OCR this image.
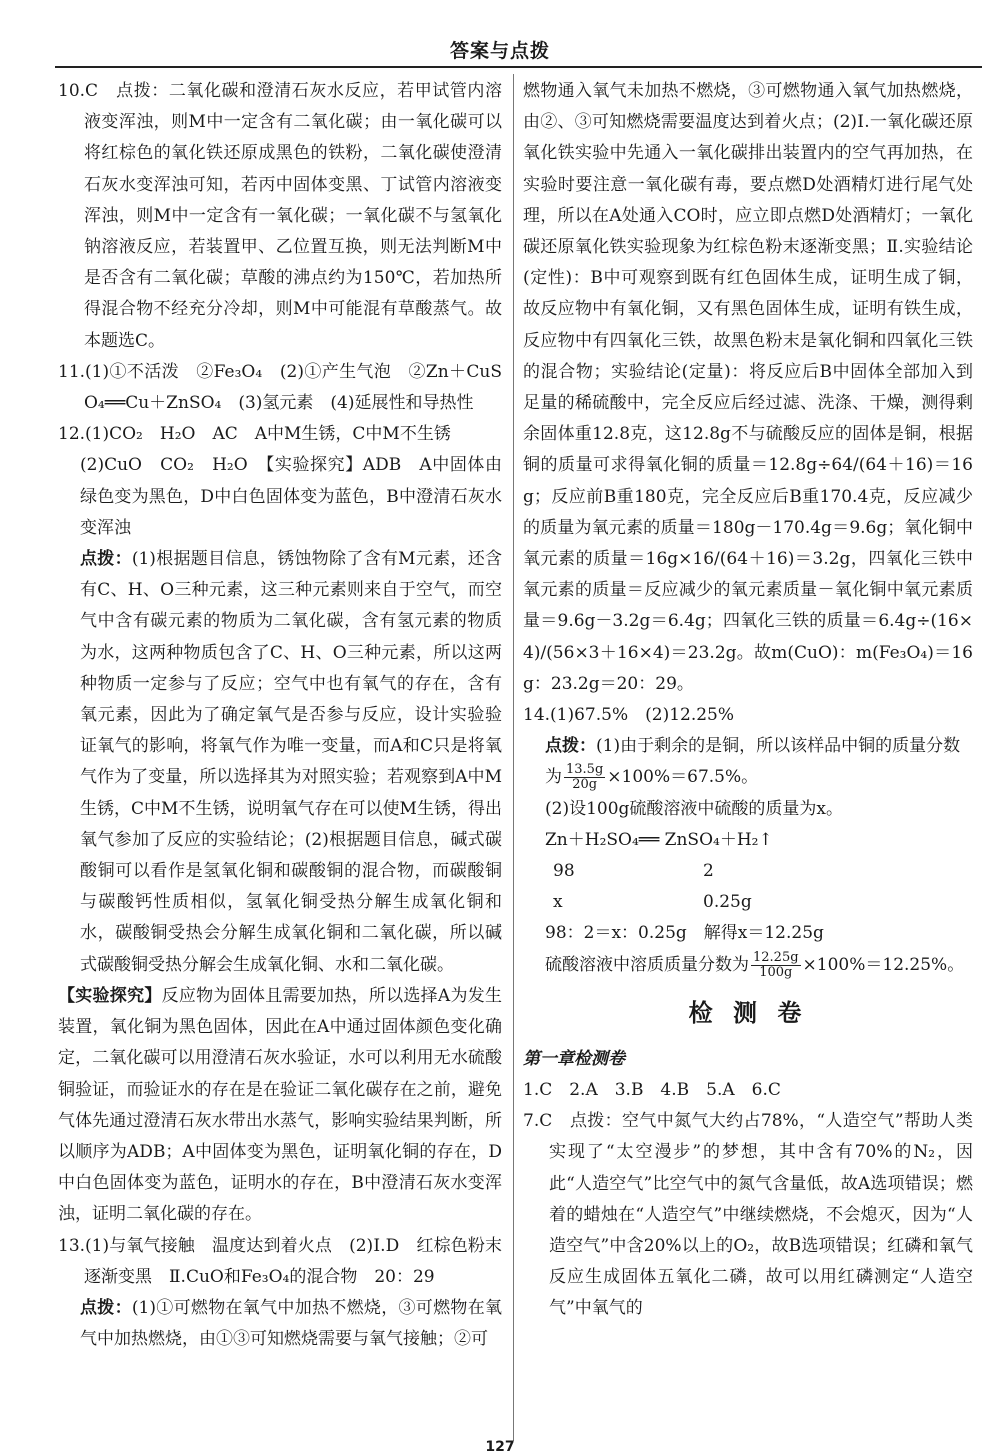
答案与点拨

10.C　点拨：二氧化碳和澄清石灰水反应，若甲试管内溶液变浑浊，则M中一定含有二氧化碳；由一氧化碳可以将红棕色的氧化铁还原成黑色的铁粉，二氧化碳使澄清石灰水变浑浊可知，若丙中固体变黑、丁试管内溶液变浑浊，则M中一定含有一氧化碳；一氧化碳不与氢氧化钠溶液反应，若装置甲、乙位置互换，则无法判断M中是否含有二氧化碳；草酸的沸点约为150℃，若加热所得混合物不经充分冷却，则M中可能混有草酸蒸气。故本题选C。

11.(1)①不活泼　②Fe₃O₄　(2)①产生气泡　②Zn＋CuSO₄══Cu＋ZnSO₄　(3)氢元素　(4)延展性和导热性

12.(1)CO₂　H₂O　AC　A中M生锈，C中M不生锈

(2)CuO　CO₂　H₂O　【实验探究】ADB　A中固体由绿色变为黑色，D中白色固体变为蓝色，B中澄清石灰水变浑浊

点拨：(1)根据题目信息，锈蚀物除了含有M元素，还含有C、H、O三种元素，这三种元素则来自于空气，而空气中含有碳元素的物质为二氧化碳，含有氢元素的物质为水，这两种物质包含了C、H、O三种元素，所以这两种物质一定参与了反应；空气中也有氧气的存在，含有氧元素，因此为了确定氧气是否参与反应，设计实验验证氧气的影响，将氧气作为唯一变量，而A和C只是将氧气作为了变量，所以选择其为对照实验；若观察到A中M生锈，C中M不生锈，说明氧气存在可以使M生锈，得出氧气参加了反应的实验结论；(2)根据题目信息，碱式碳酸铜可以看作是氢氧化铜和碳酸铜的混合物，而碳酸铜与碳酸钙性质相似，氢氧化铜受热分解生成氧化铜和水，碳酸铜受热会分解生成氧化铜和二氧化碳，所以碱式碳酸铜受热分解会生成氧化铜、水和二氧化碳。

【实验探究】反应物为固体且需要加热，所以选择A为发生装置，氧化铜为黑色固体，因此在A中通过固体颜色变化确定，二氧化碳可以用澄清石灰水验证，水可以利用无水硫酸铜验证，而验证水的存在是在验证二氧化碳存在之前，避免气体先通过澄清石灰水带出水蒸气，影响实验结果判断，所以顺序为ADB；A中固体变为黑色，证明氧化铜的存在，D中白色固体变为蓝色，证明水的存在，B中澄清石灰水变浑浊，证明二氧化碳的存在。

13.(1)与氧气接触　温度达到着火点　(2)Ⅰ.D　红棕色粉末逐渐变黑　Ⅱ.CuO和Fe₃O₄的混合物　20：29

点拨：(1)①可燃物在氧气中加热不燃烧，③可燃物在氧气中加热燃烧，由①③可知燃烧需要与氧气接触；②可

燃物通入氧气未加热不燃烧，③可燃物通入氧气加热燃烧，由②、③可知燃烧需要温度达到着火点；(2)Ⅰ.一氧化碳还原氧化铁实验中先通入一氧化碳排出装置内的空气再加热，在实验时要注意一氧化碳有毒，要点燃D处酒精灯进行尾气处理，所以在A处通入CO时，应立即点燃D处酒精灯；一氧化碳还原氧化铁实验现象为红棕色粉末逐渐变黑；Ⅱ.实验结论(定性)：B中可观察到既有红色固体生成，证明生成了铜，故反应物中有氧化铜，又有黑色固体生成，证明有铁生成，反应物中有四氧化三铁，故黑色粉末是氧化铜和四氧化三铁的混合物；实验结论(定量)：将反应后B中固体全部加入到足量的稀硫酸中，完全反应后经过滤、洗涤、干燥，测得剩余固体重12.8克，这12.8g不与硫酸反应的固体是铜，根据铜的质量可求得氧化铜的质量＝12.8g÷64/(64＋16)＝16g；反应前B重180克，完全反应后B重170.4克，反应减少的质量为氧元素的质量＝180g－170.4g＝9.6g；氧化铜中氧元素的质量＝16g×16/(64＋16)＝3.2g，四氧化三铁中氧元素的质量＝反应减少的氧元素质量－氧化铜中氧元素质量＝9.6g－3.2g＝6.4g；四氧化三铁的质量＝6.4g÷(16×4)/(56×3＋16×4)＝23.2g。故m(CuO)：m(Fe₃O₄)＝16g：23.2g＝20：29。

14.(1)67.5%　(2)12.25%

点拨：(1)由于剩余的是铜，所以该样品中铜的质量分数

为 $\frac{13.5g}{20g} \times 100\%=67.5\%$。

(2)设100g硫酸溶液中硫酸的质量为x。

Zn＋H₂SO₄══ ZnSO₄＋H₂↑

98	2

x	0.25g

98：2＝x：0.25g　解得x＝12.25g

硫酸溶液中溶质质量分数为 $\frac{12.25g}{100g} \times 100\%=12.25\%$。

检 测 卷

第一章检测卷

1.C　2.A　3.B　4.B　5.A　6.C

7.C　点拨：空气中氮气大约占78%，“人造空气”帮助人类实现了“太空漫步”的梦想，其中含有70%的N₂，因此“人造空气”比空气中的氮气含量低，故A选项错误；燃着的蜡烛在“人造空气”中继续燃烧，不会熄灭，因为“人造空气”中含20%以上的O₂，故B选项错误；红磷和氧气反应生成固体五氧化二磷，故可以用红磷测定“人造空气”中氧气的

127
